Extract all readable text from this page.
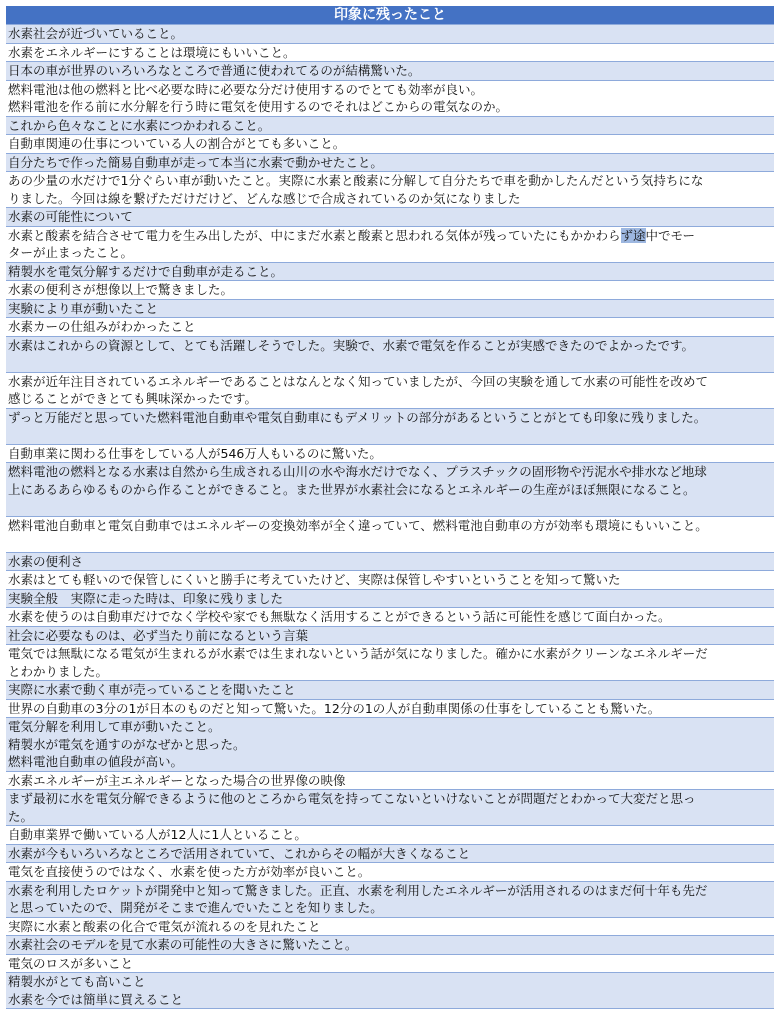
印象に残ったこと
水素社会が近づいていること。
水素をエネルギーにすることは環境にもいいこと。
日本の車が世界のいろいろなところで普通に使われてるのが結構驚いた。
燃料電池は他の燃料と比べ必要な時に必要な分だけ使用するのでとても効率が良い。
燃料電池を作る前に水分解を行う時に電気を使用するのでそれはどこからの電気なのか。
これから色々なことに水素につかわれること。
自動車関連の仕事についている人の割合がとても多いこと。
自分たちで作った簡易自動車が走って本当に水素で動かせたこと。
あの少量の水だけで1分ぐらい車が動いたこと。実際に水素と酸素に分解して自分たちで車を動かしたんだという気持ちにな
りました。今回は線を繋げただけだけど、どんな感じで合成されているのか気になりました
水素の可能性について
水素と酸素を結合させて電力を生み出したが、中にまだ水素と酸素と思われる気体が残っていたにもかかわらず途中でモー
ターが止まったこと。
精製水を電気分解するだけで自動車が走ること。
水素の便利さが想像以上で驚きました。
実験により車が動いたこと
水素カーの仕組みがわかったこと
水素はこれからの資源として、とても活躍しそうでした。実験で、水素で電気を作ることが実感できたのでよかったです。
水素が近年注目されているエネルギーであることはなんとなく知っていましたが、今回の実験を通して水素の可能性を改めて
感じることができとても興味深かったです。
ずっと万能だと思っていた燃料電池自動車や電気自動車にもデメリットの部分があるということがとても印象に残りました。
自動車業に関わる仕事をしている人が546万人もいるのに驚いた。
燃料電池の燃料となる水素は自然から生成される山川の水や海水だけでなく、プラスチックの固形物や汚泥水や排水など地球
上にあるあらゆるものから作ることができること。また世界が水素社会になるとエネルギーの生産がほぼ無限になること。
燃料電池自動車と電気自動車ではエネルギーの変換効率が全く違っていて、燃料電池自動車の方が効率も環境にもいいこと。
水素の便利さ
水素はとても軽いので保管しにくいと勝手に考えていたけど、実際は保管しやすいということを知って驚いた
実験全般　実際に走った時は、印象に残りました
水素を使うのは自動車だけでなく学校や家でも無駄なく活用することができるという話に可能性を感じて面白かった。
社会に必要なものは、必ず当たり前になるという言葉
電気では無駄になる電気が生まれるが水素では生まれないという話が気になりました。確かに水素がクリーンなエネルギーだ
とわかりました。
実際に水素で動く車が売っていることを聞いたこと
世界の自動車の3分の1が日本のものだと知って驚いた。12分の1の人が自動車関係の仕事をしていることも驚いた。
電気分解を利用して車が動いたこと。
精製水が電気を通すのがなぜかと思った。
燃料電池自動車の値段が高い。
水素エネルギーが主エネルギーとなった場合の世界像の映像
まず最初に水を電気分解できるように他のところから電気を持ってこないといけないことが問題だとわかって大変だと思っ
た。
自動車業界で働いている人が12人に1人といること。
水素が今もいろいろなところで活用されていて、これからその幅が大きくなること
電気を直接使うのではなく、水素を使った方が効率が良いこと。
水素を利用したロケットが開発中と知って驚きました。正直、水素を利用したエネルギーが活用されるのはまだ何十年も先だ
と思っていたので、開発がそこまで進んでいたことを知りました。
実際に水素と酸素の化合で電気が流れるのを見れたこと
水素社会のモデルを見て水素の可能性の大きさに驚いたこと。
電気のロスが多いこと
精製水がとても高いこと
水素を今では簡単に買えること
